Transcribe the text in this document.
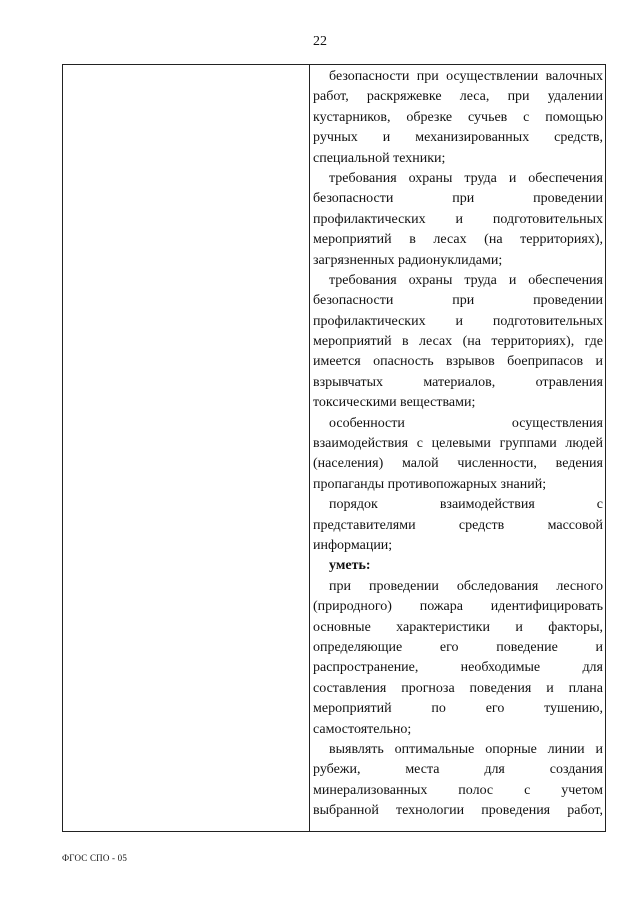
22
безопасности при осуществлении валочных
работ, раскряжевке леса, при удалении
кустарников, обрезке сучьев с помощью
ручных и механизированных средств,
специальной техники;
требования охраны труда и обеспечения
безопасности при проведении
профилактических и подготовительных
мероприятий в лесах (на территориях),
загрязненных радионуклидами;
требования охраны труда и обеспечения
безопасности при проведении
профилактических и подготовительных
мероприятий в лесах (на территориях), где
имеется опасность взрывов боеприпасов и
взрывчатых материалов, отравления
токсическими веществами;
особенности осуществления
взаимодействия с целевыми группами людей
(населения) малой численности, ведения
пропаганды противопожарных знаний;
порядок взаимодействия с
представителями средств массовой
информации;
уметь:
при проведении обследования лесного
(природного) пожара идентифицировать
основные характеристики и факторы,
определяющие его поведение и
распространение, необходимые для
составления прогноза поведения и плана
мероприятий по его тушению,
самостоятельно;
выявлять оптимальные опорные линии и
рубежи, места для создания
минерализованных полос с учетом
выбранной технологии проведения работ,
ФГОС СПО - 05
